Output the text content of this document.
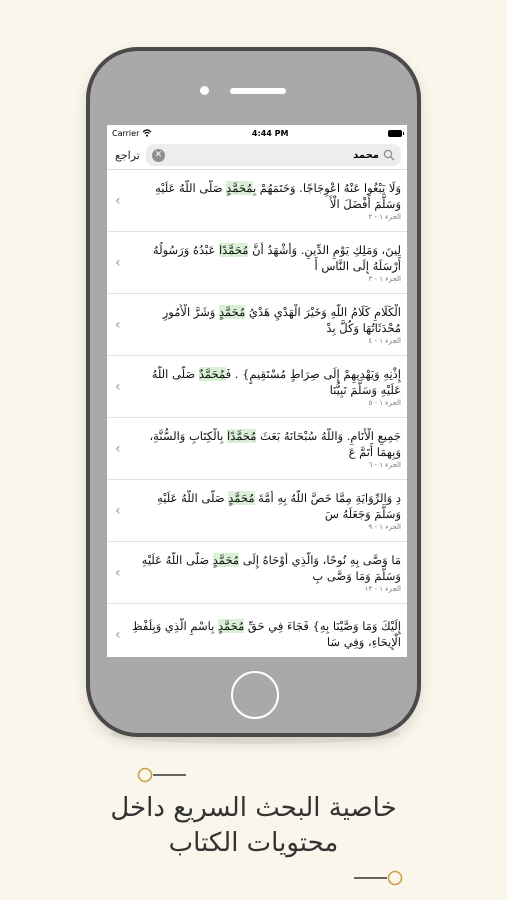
Carrier	4:44 PM
تراجع	✕	محمد
‹
وَلَا يَبْغُوا عَنْهُ اعْوِجَاجًا. وَخَتَمَهُمْ بِمُحَمَّدٍ صَلَّى اللَّهُ عَلَيْهِ وَسَلَّمَ أَفْضَلَ الْأَ
الجزء ١ - ٢
‹
لِينَ، وَمَلِكِ يَوْمِ الدِّينِ. وَأَشْهَدُ أَنَّ مُحَمَّدًا عَبْدُهُ وَرَسُولُهُ أَرْسَلَهُ إِلَى النَّاسِ أَ
الجزء ١ - ٣
‹
الْكَلَامِ كَلَامُ اللَّهِ وَخَيْرَ الْهَدْيِ هَدْيُ مُحَمَّدٍ وَشَرَّ الْأُمُورِ مُحْدَثَاتُهَا وَكُلَّ بِدْ
الجزء ١ - ٤
‹
إِذْنِهِ وَيَهْدِيهِمْ إِلَى صِرَاطٍ مُسْتَقِيمٍ} . فَمُحَمَّدٌ صَلَّى اللَّهُ عَلَيْهِ وَسَلَّمَ نَبِيُّنَا
الجزء ١ - ٥
‹
جَمِيعِ الْأَنَامِ. وَاللَّهُ سُبْحَانَهُ بَعَثَ مُحَمَّدًا بِالْكِتَابِ وَالسُّنَّةِ، وَبِهِمَا أَتَمَّ عَ
الجزء ١ - ٦
‹
دِ وَالرِّوَايَةِ مِمَّا خَصَّ اللَّهُ بِهِ أُمَّةَ مُحَمَّدٍ صَلَّى اللَّهُ عَلَيْهِ وَسَلَّمَ وَجَعَلَهُ سَ
الجزء ١ - ٩
‹
مَا وَصَّى بِهِ نُوحًا، وَالَّذِي أَوْحَاهُ إِلَى مُحَمَّدٍ صَلَّى اللَّهُ عَلَيْهِ وَسَلَّمَ وَمَا وَصَّى بِ
الجزء ١ - ١٣
‹
إِلَيْكَ وَمَا وَصَّيْنَا بِهِ} فَجَاءَ فِي حَقِّ مُحَمَّدٍ بِاسْمِ الَّذِي وَبِلَفْظِ الْإِيحَاءِ، وَفِي سَا
خاصية البحث السريع داخل
محتويات الكتاب
